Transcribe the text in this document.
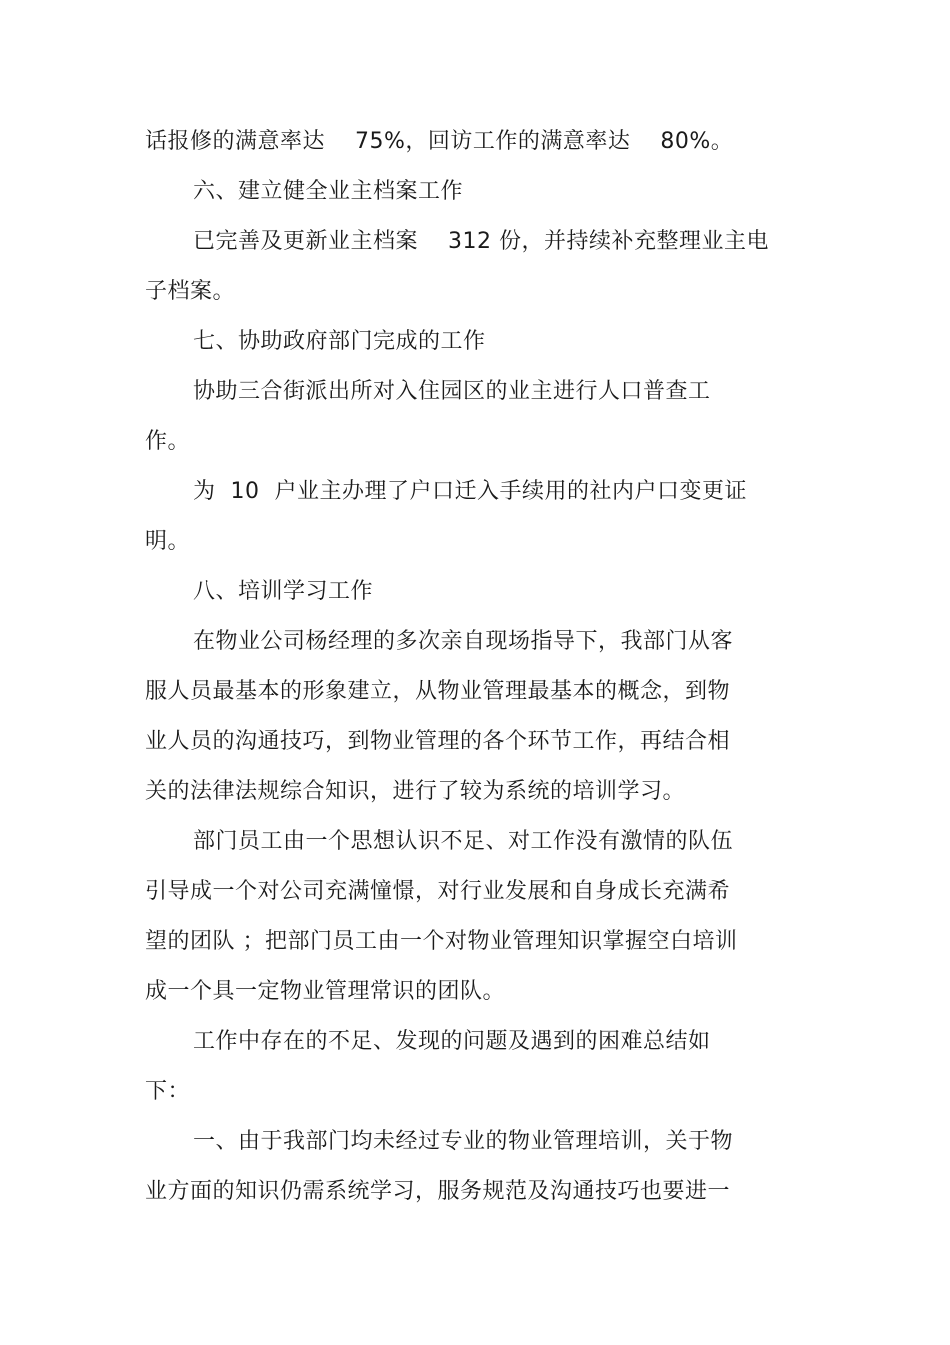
话报修的满意率达    75%，回访工作的满意率达    80%。
六、建立健全业主档案工作
已完善及更新业主档案    312 份，并持续补充整理业主电
子档案。
七、协助政府部门完成的工作
协助三合街派出所对入住园区的业主进行人口普查工
作。
为  10  户业主办理了户口迁入手续用的社内户口变更证
明。
八、培训学习工作
在物业公司杨经理的多次亲自现场指导下，我部门从客
服人员最基本的形象建立，从物业管理最基本的概念，到物
业人员的沟通技巧，到物业管理的各个环节工作，再结合相
关的法律法规综合知识，进行了较为系统的培训学习。
部门员工由一个思想认识不足、对工作没有激情的队伍
引导成一个对公司充满憧憬，对行业发展和自身成长充满希
望的团队 ；把部门员工由一个对物业管理知识掌握空白培训
成一个具一定物业管理常识的团队。
工作中存在的不足、发现的问题及遇到的困难总结如
下：
一、由于我部门均未经过专业的物业管理培训，关于物
业方面的知识仍需系统学习，服务规范及沟通技巧也要进一
